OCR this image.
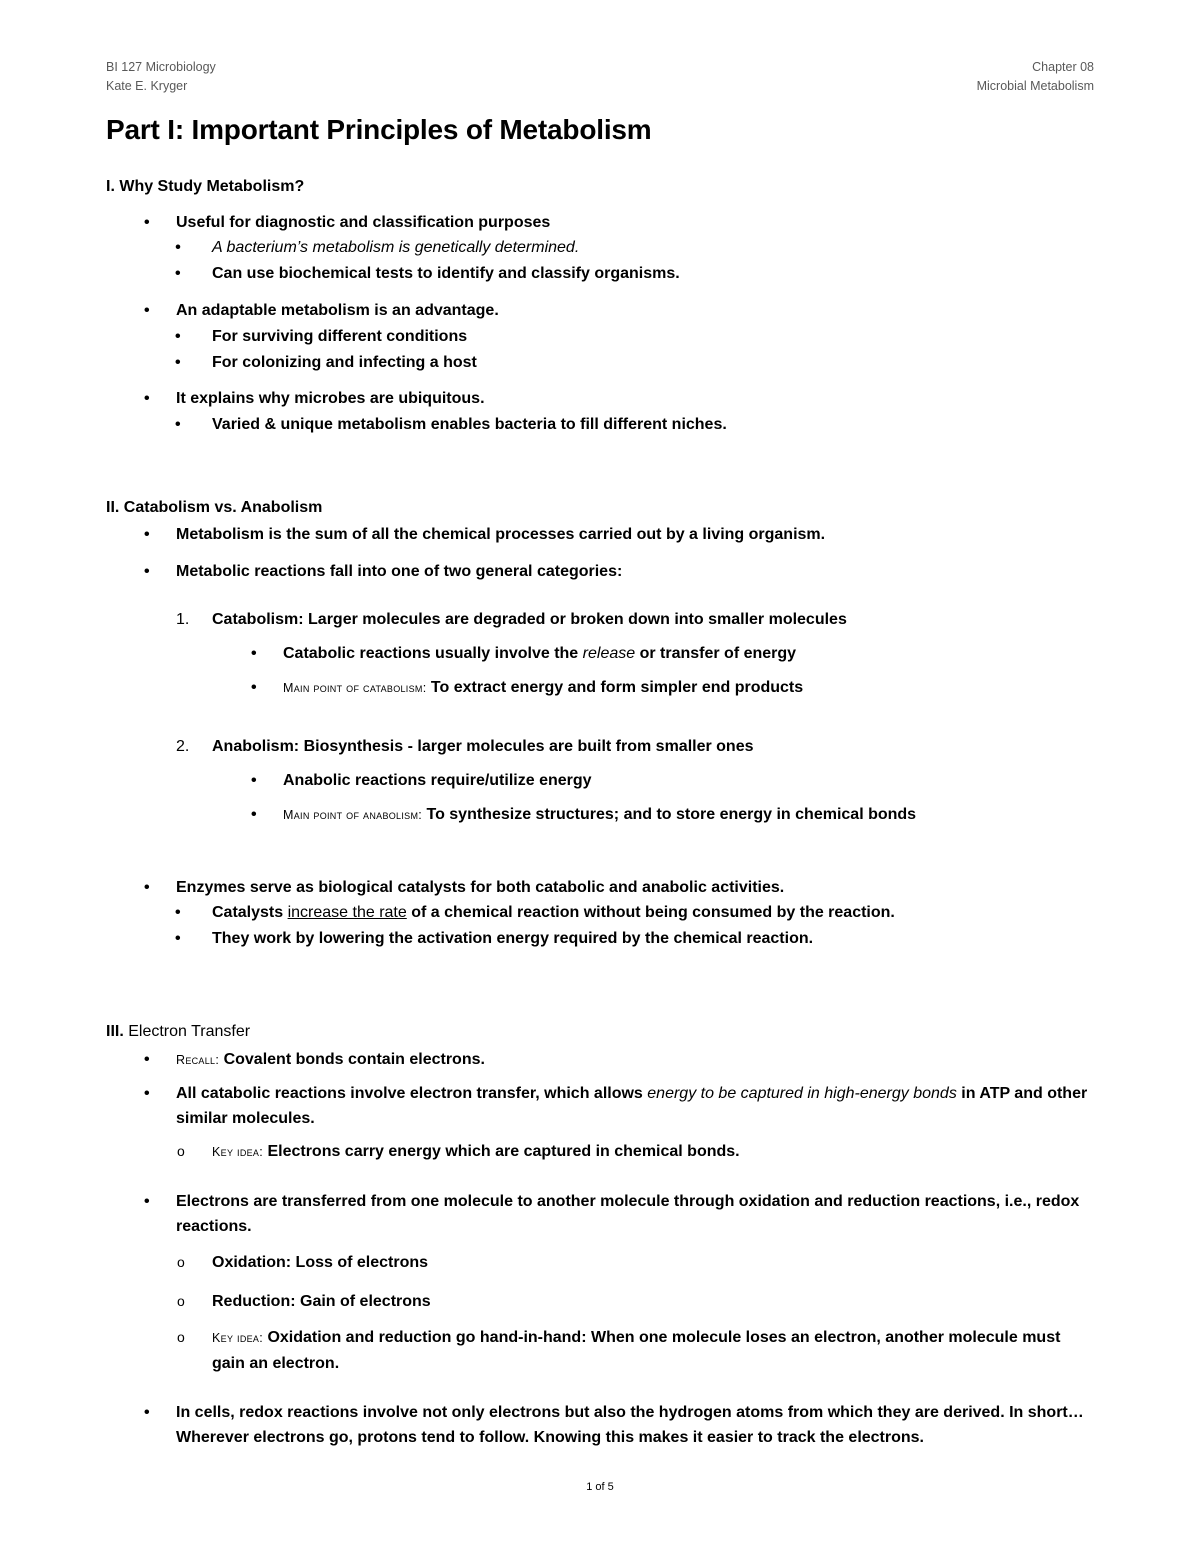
BI 127 Microbiology
Kate E. Kryger
Chapter 08
Microbial Metabolism
Part I: Important Principles of Metabolism
I. Why Study Metabolism?
• Useful for diagnostic and classification purposes
• A bacterium’s metabolism is genetically determined.
• Can use biochemical tests to identify and classify organisms.
• An adaptable metabolism is an advantage.
• For surviving different conditions
• For colonizing and infecting a host
• It explains why microbes are ubiquitous.
• Varied & unique metabolism enables bacteria to fill different niches.
II. Catabolism vs. Anabolism
• Metabolism is the sum of all the chemical processes carried out by a living organism.
• Metabolic reactions fall into one of two general categories:
1. Catabolism: Larger molecules are degraded or broken down into smaller molecules
• Catabolic reactions usually involve the release or transfer of energy
• Main point of catabolism: To extract energy and form simpler end products
2. Anabolism: Biosynthesis - larger molecules are built from smaller ones
• Anabolic reactions require/utilize energy
• Main point of anabolism: To synthesize structures; and to store energy in chemical bonds
• Enzymes serve as biological catalysts for both catabolic and anabolic activities.
• Catalysts increase the rate of a chemical reaction without being consumed by the reaction.
• They work by lowering the activation energy required by the chemical reaction.
III. Electron Transfer
• Recall: Covalent bonds contain electrons.
• All catabolic reactions involve electron transfer, which allows energy to be captured in high-energy bonds in ATP and other similar molecules.
o Key idea: Electrons carry energy which are captured in chemical bonds.
• Electrons are transferred from one molecule to another molecule through oxidation and reduction reactions, i.e., redox reactions.
o Oxidation: Loss of electrons
o Reduction: Gain of electrons
o Key idea: Oxidation and reduction go hand-in-hand: When one molecule loses an electron, another molecule must gain an electron.
• In cells, redox reactions involve not only electrons but also the hydrogen atoms from which they are derived. In short… Wherever electrons go, protons tend to follow. Knowing this makes it easier to track the electrons.
1 of 5
